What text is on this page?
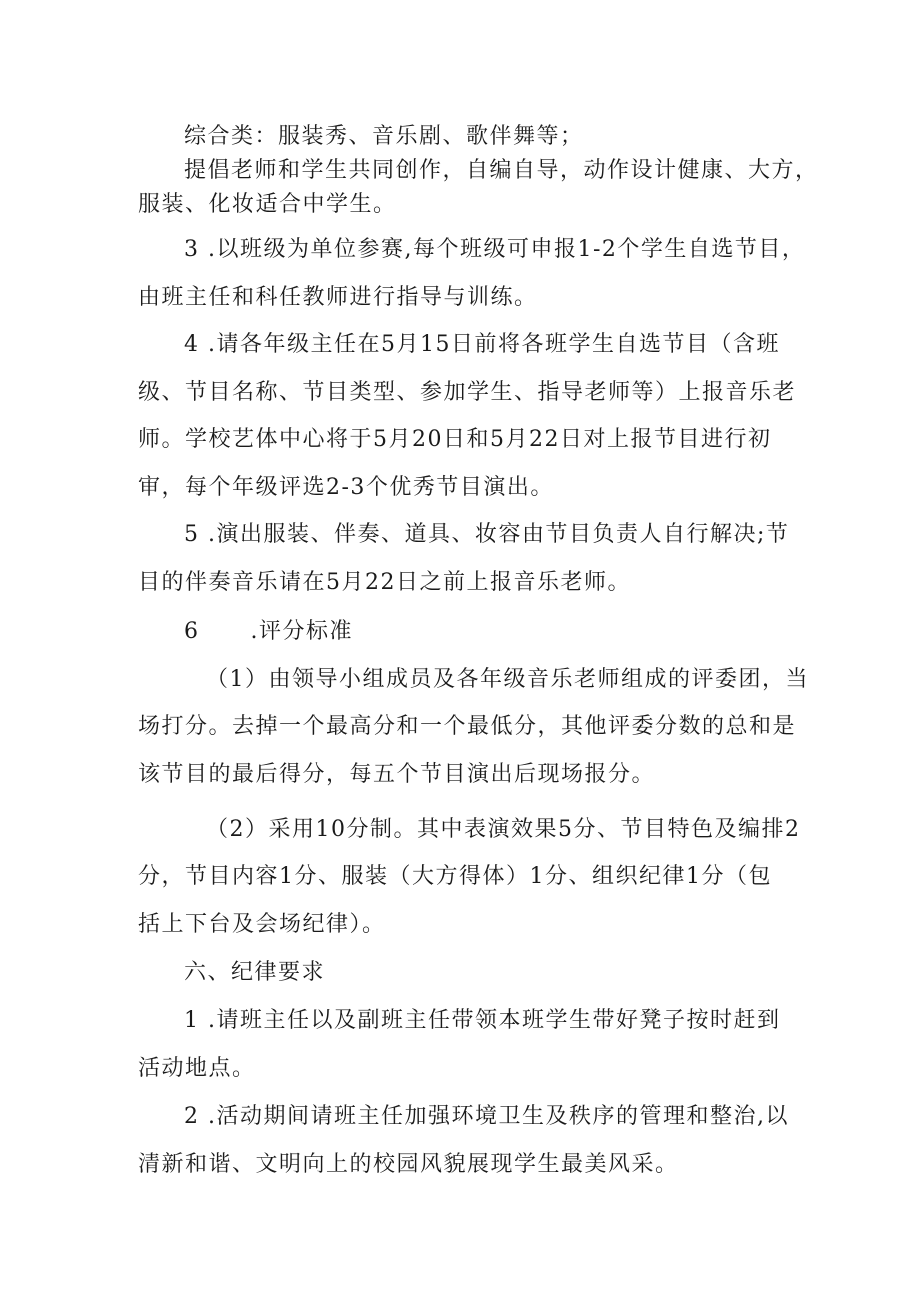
综合类：服装秀、音乐剧、歌伴舞等；
提倡老师和学生共同创作，自编自导，动作设计健康、大方，
服装、化妆适合中学生。
3 .以班级为单位参赛,每个班级可申报1-2个学生自选节目，
由班主任和科任教师进行指导与训练。
4 .请各年级主任在5月15日前将各班学生自选节目（含班
级、节目名称、节目类型、参加学生、指导老师等）上报音乐老
师。学校艺体中心将于5月20日和5月22日对上报节目进行初
审，每个年级评选2-3个优秀节目演出。
5 .演出服装、伴奏、道具、妆容由节目负责人自行解决;节
目的伴奏音乐请在5月22日之前上报音乐老师。
6      .评分标准
（1）由领导小组成员及各年级音乐老师组成的评委团，当
场打分。去掉一个最高分和一个最低分，其他评委分数的总和是
该节目的最后得分，每五个节目演出后现场报分。
（2）采用10分制。其中表演效果5分、节目特色及编排2
分，节目内容1分、服装（大方得体）1分、组织纪律1分（包
括上下台及会场纪律）。
六、纪律要求
1 .请班主任以及副班主任带领本班学生带好凳子按时赶到
活动地点。
2 .活动期间请班主任加强环境卫生及秩序的管理和整治,以
清新和谐、文明向上的校园风貌展现学生最美风采。
